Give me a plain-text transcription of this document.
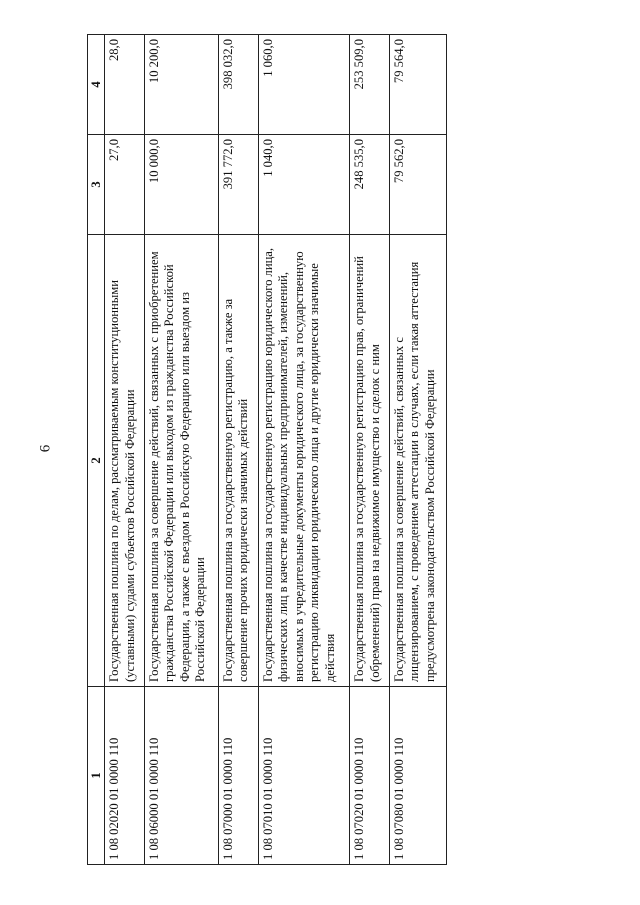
6
1	2	3	4
1 08 02020 01 0000 110	Государственная пошлина по делам, рассматриваемым конституционными (уставными) судами субъектов Российской Федерации	27,0	28,0
1 08 06000 01 0000 110	Государственная пошлина за совершение действий, связанных с приобретением гражданства Российской Федерации или выходом из гражданства Российской Федерации, а также с въездом в Российскую Федерацию или выездом из Российской Федерации	10 000,0	10 200,0
1 08 07000 01 0000 110	Государственная пошлина за государственную регистрацию, а также за совершение прочих юридически значимых действий	391 772,0	398 032,0
1 08 07010 01 0000 110	Государственная пошлина за государственную регистрацию юридического лица, физических лиц в качестве индивидуальных предпринимателей, изменений, вносимых в учредительные документы юридического лица, за государственную регистрацию ликвидации юридического лица и другие юридически значимые действия	1 040,0	1 060,0
1 08 07020 01 0000 110	Государственная пошлина за государственную регистрацию прав, ограничений (обременений) прав на недвижимое имущество и сделок с ним	248 535,0	253 509,0
1 08 07080 01 0000 110	Государственная пошлина за совершение действий, связанных с лицензированием, с проведением аттестации в случаях, если такая аттестация предусмотрена законодательством Российской Федерации	79 562,0	79 564,0
